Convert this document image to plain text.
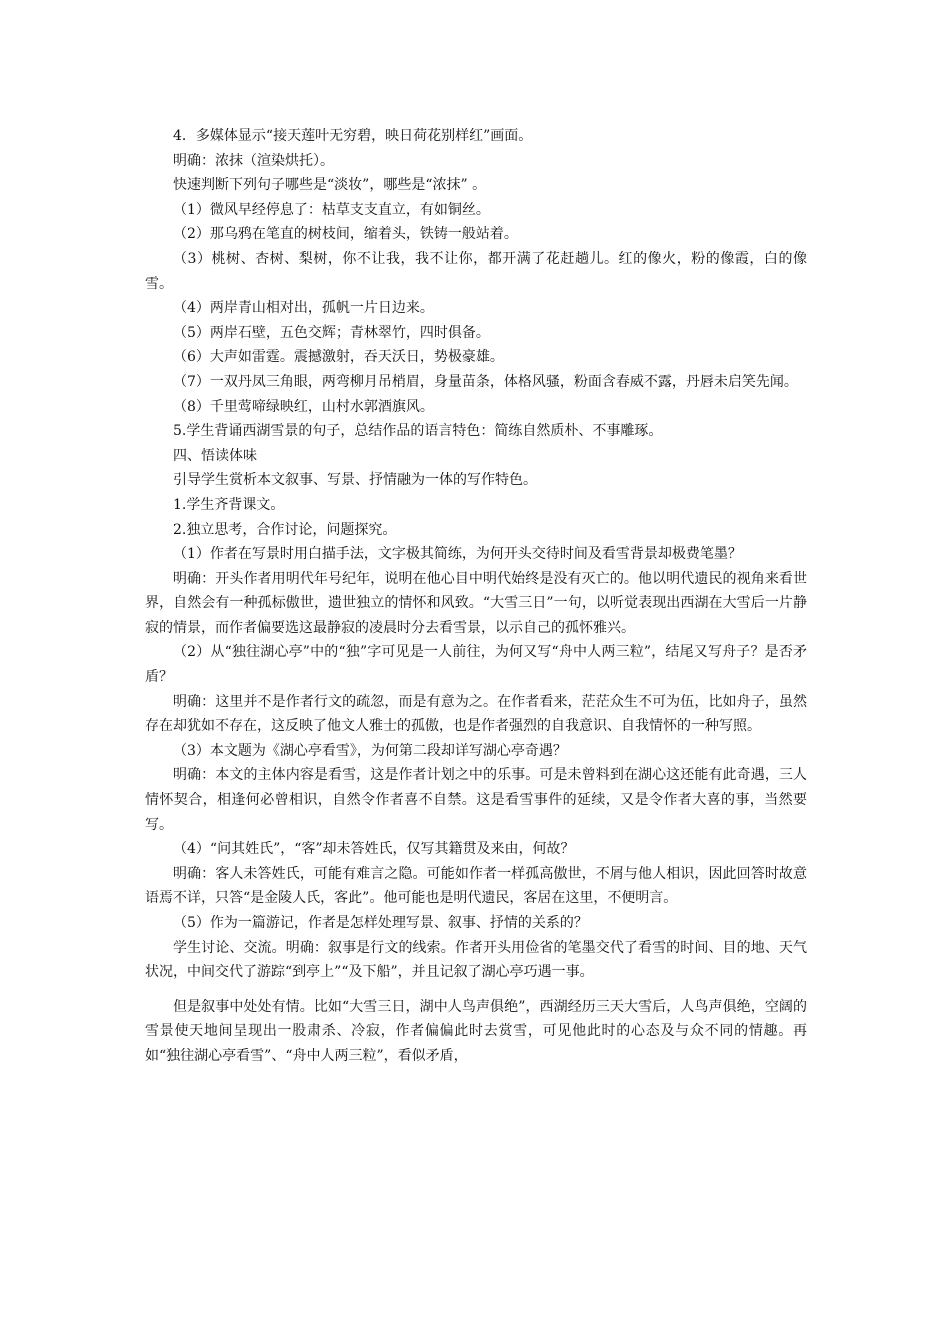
4．多媒体显示“接天莲叶无穷碧，映日荷花别样红”画面。

明确：浓抹（渲染烘托）。

快速判断下列句子哪些是“淡妆”，哪些是“浓抹” 。

（1）微风早经停息了：枯草支支直立，有如铜丝。

（2）那乌鸦在笔直的树枝间，缩着头，铁铸一般站着。

（3）桃树、杏树、梨树，你不让我，我不让你，都开满了花赶趟儿。红的像火，粉的像霞，白的像雪。

（4）两岸青山相对出，孤帆一片日边来。

（5）两岸石壁，五色交辉；青林翠竹，四时俱备。

（6）大声如雷霆。震撼激射，吞天沃日，势极豪雄。

（7）一双丹凤三角眼，两弯柳月吊梢眉，身量苗条，体格风骚，粉面含春威不露，丹唇未启笑先闻。

（8）千里莺啼绿映红，山村水郭酒旗风。

5.学生背诵西湖雪景的句子，总结作品的语言特色：简练自然质朴、不事雕琢。

四、悟读体味

引导学生赏析本文叙事、写景、抒情融为一体的写作特色。

1.学生齐背课文。

2.独立思考，合作讨论，问题探究。

（1）作者在写景时用白描手法，文字极其简练，为何开头交待时间及看雪背景却极费笔墨？

明确：开头作者用明代年号纪年，说明在他心目中明代始终是没有灭亡的。他以明代遗民的视角来看世界，自然会有一种孤标傲世，遗世独立的情怀和风致。“大雪三日”一句，以听觉表现出西湖在大雪后一片静寂的情景，而作者偏要选这最静寂的凌晨时分去看雪景，以示自己的孤怀雅兴。

（2）从“独往湖心亭”中的“独”字可见是一人前往，为何又写“舟中人两三粒”，结尾又写舟子？是否矛盾？

明确：这里并不是作者行文的疏忽，而是有意为之。在作者看来，茫茫众生不可为伍，比如舟子，虽然存在却犹如不存在，这反映了他文人雅士的孤傲，也是作者强烈的自我意识、自我情怀的一种写照。

（3）本文题为《湖心亭看雪》，为何第二段却详写湖心亭奇遇？

明确：本文的主体内容是看雪，这是作者计划之中的乐事。可是未曾料到在湖心这还能有此奇遇，三人情怀契合，相逢何必曾相识，自然令作者喜不自禁。这是看雪事件的延续，又是令作者大喜的事，当然要写。

（4）“问其姓氏”，“客”却未答姓氏，仅写其籍贯及来由，何故？

明确：客人未答姓氏，可能有难言之隐。可能如作者一样孤高傲世，不屑与他人相识，因此回答时故意语焉不详，只答“是金陵人氏，客此”。他可能也是明代遗民，客居在这里，不便明言。

（5）作为一篇游记，作者是怎样处理写景、叙事、抒情的关系的？

学生讨论、交流。明确：叙事是行文的线索。作者开头用俭省的笔墨交代了看雪的时间、目的地、天气状况，中间交代了游踪“到亭上”“及下船”，并且记叙了湖心亭巧遇一事。

但是叙事中处处有情。比如“大雪三日，湖中人鸟声俱绝”，西湖经历三天大雪后，人鸟声俱绝，空阔的雪景使天地间呈现出一股肃杀、冷寂，作者偏偏此时去赏雪，可见他此时的心态及与众不同的情趣。再如“独往湖心亭看雪”、“舟中人两三粒”，看似矛盾，
